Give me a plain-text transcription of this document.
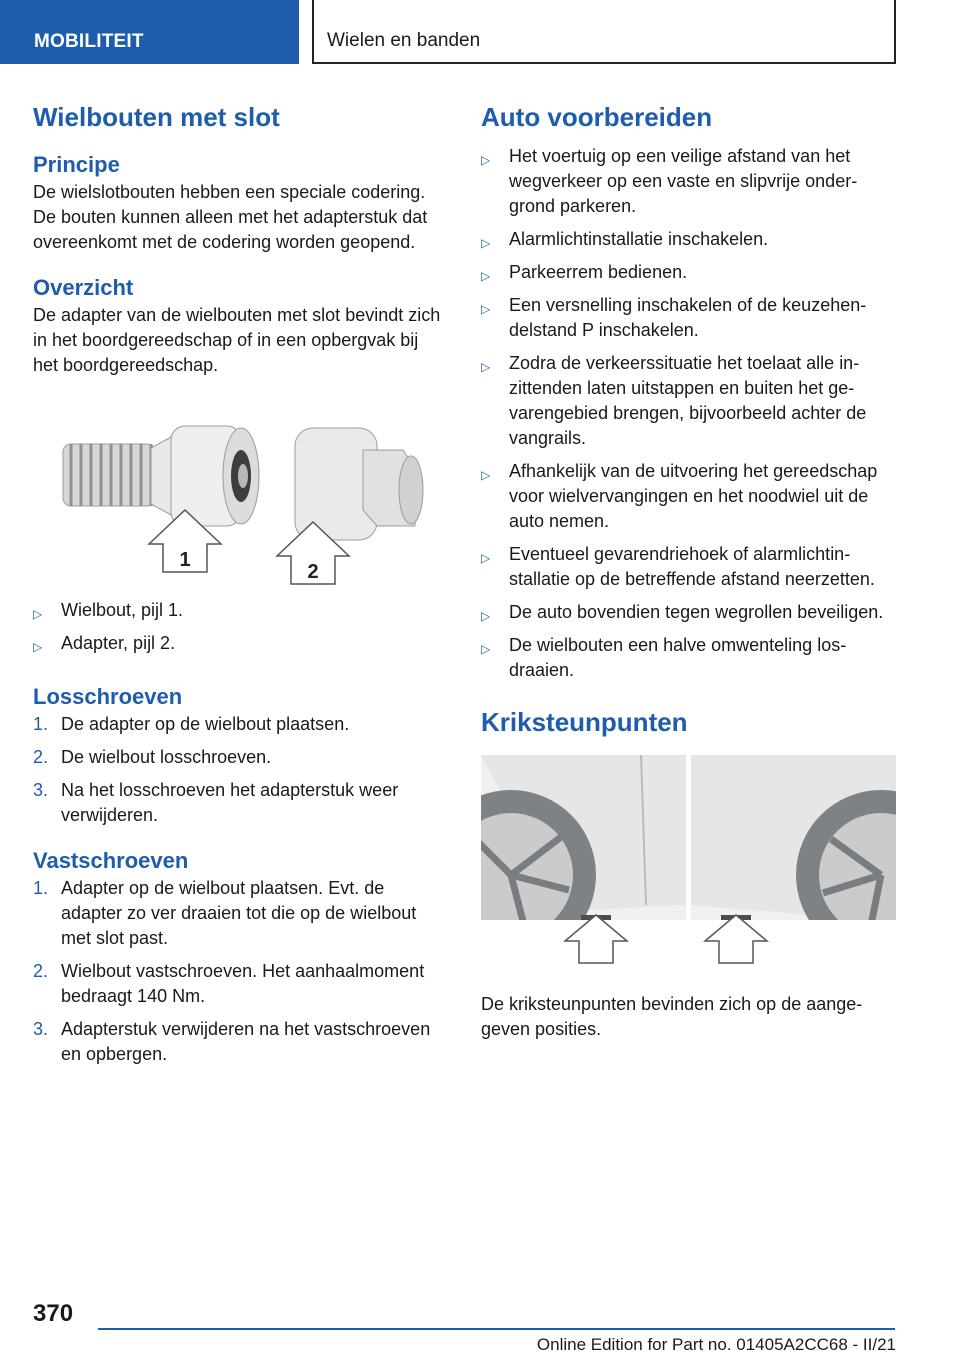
MOBILITEIT	Wielen en banden
Wielbouten met slot
Principe
De wielslotbouten hebben een speciale codering. De bouten kunnen alleen met het adapterstuk dat overeenkomt met de codering worden geopend.
Overzicht
De adapter van de wielbouten met slot bevindt zich in het boordgereedschap of in een opbergvak bij het boordgereedschap.
1
2
▷ Wielbout, pijl 1.
▷ Adapter, pijl 2.
Losschroeven
1. De adapter op de wielbout plaatsen.
2. De wielbout losschroeven.
3. Na het losschroeven het adapterstuk weer verwijderen.
Vastschroeven
1. Adapter op de wielbout plaatsen. Evt. de adapter zo ver draaien tot die op de wielbout met slot past.
2. Wielbout vastschroeven. Het aanhaalmoment bedraagt 140 Nm.
3. Adapterstuk verwijderen na het vastschroeven en opbergen.
Auto voorbereiden
▷ Het voertuig op een veilige afstand van het wegverkeer op een vaste en slipvrije ondergrond parkeren.
▷ Alarmlichtinstallatie inschakelen.
▷ Parkeerrem bedienen.
▷ Een versnelling inschakelen of de keuzehendelstand P inschakelen.
▷ Zodra de verkeerssituatie het toelaat alle inzittenden laten uitstappen en buiten het gevarengebied brengen, bijvoorbeeld achter de vangrails.
▷ Afhankelijk van de uitvoering het gereedschap voor wielvervangingen en het noodwiel uit de auto nemen.
▷ Eventueel gevarendriehoek of alarmlichtinstallatie op de betreffende afstand neerzetten.
▷ De auto bovendien tegen wegrollen beveiligen.
▷ De wielbouten een halve omwenteling losdraaien.
Kriksteunpunten
De kriksteunpunten bevinden zich op de aangegeven posities.
370
Online Edition for Part no. 01405A2CC68 - II/21
